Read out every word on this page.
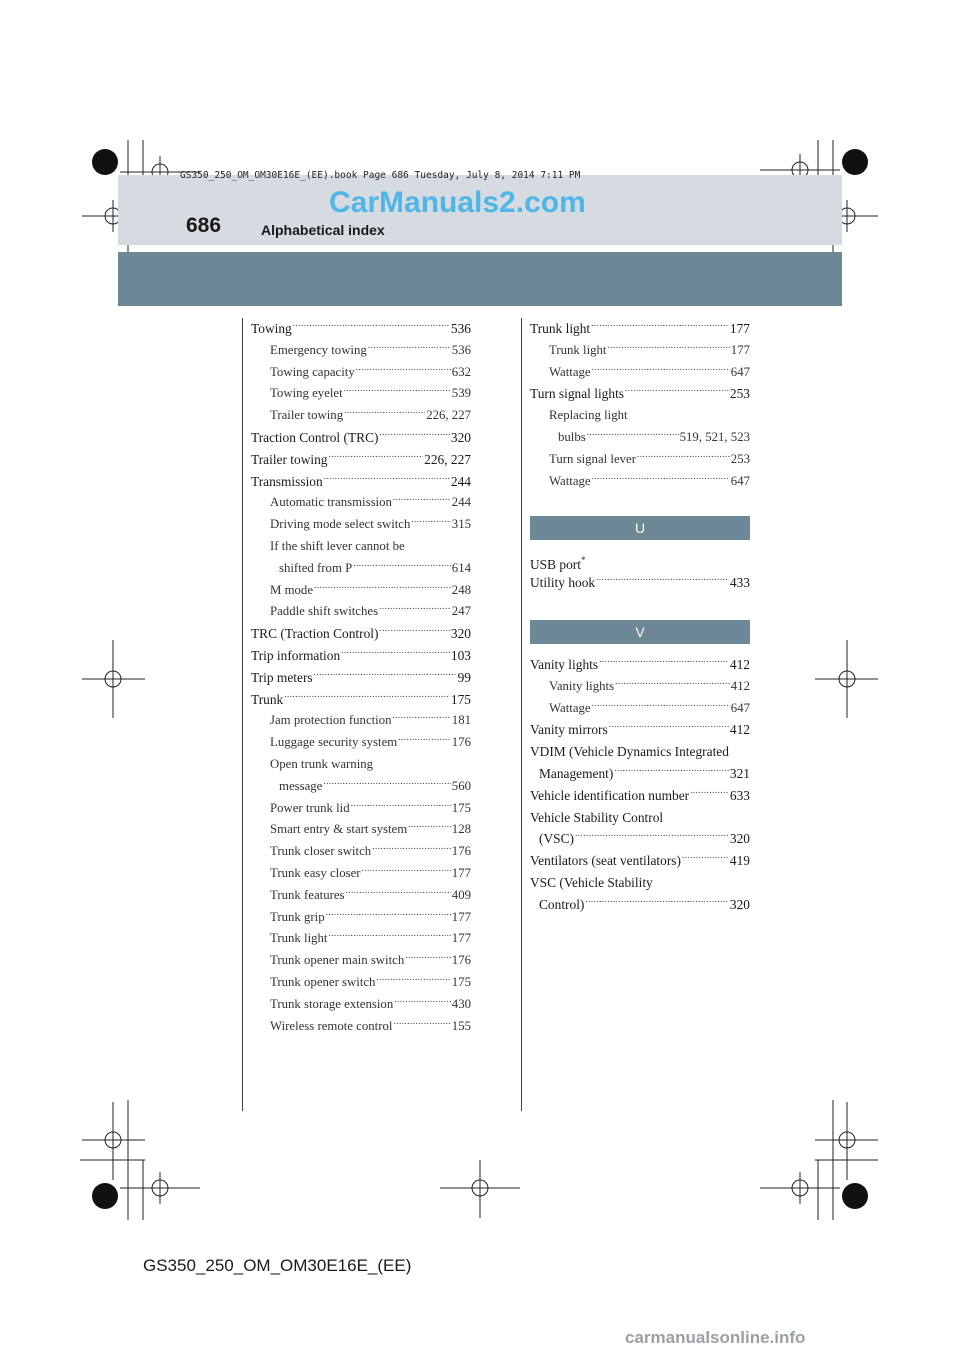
GS350_250_OM_OM30E16E_(EE).book Page 686 Tuesday, July 8, 2014 7:11 PM
CarManuals2.com
686	Alphabetical index
Towing .....	536
Emergency towing .....	536
Towing capacity .....	632
Towing eyelet .....	539
Trailer towing .....	226, 227
Traction Control (TRC) .....	320
Trailer towing .....	226, 227
Transmission .....	244
Automatic transmission .....	244
Driving mode select switch .....	315
If the shift lever cannot be
shifted from P .....	614
M mode .....	248
Paddle shift switches .....	247
TRC (Traction Control) .....	320
Trip information .....	103
Trip meters .....	99
Trunk .....	175
Jam protection function .....	181
Luggage security system .....	176
Open trunk warning
message .....	560
Power trunk lid .....	175
Smart entry & start system .....	128
Trunk closer switch .....	176
Trunk easy closer .....	177
Trunk features .....	409
Trunk grip .....	177
Trunk light .....	177
Trunk opener main switch .....	176
Trunk opener switch .....	175
Trunk storage extension .....	430
Wireless remote control .....	155
Trunk light .....	177
Trunk light .....	177
Wattage .....	647
Turn signal lights .....	253
Replacing light
bulbs .....	519, 521, 523
Turn signal lever .....	253
Wattage .....	647
U
USB port*
Utility hook .....	433
V
Vanity lights .....	412
Vanity lights .....	412
Wattage .....	647
Vanity mirrors .....	412
VDIM (Vehicle Dynamics Integrated
Management) .....	321
Vehicle identification number .....	633
Vehicle Stability Control
(VSC) .....	320
Ventilators (seat ventilators) .....	419
VSC (Vehicle Stability
Control) .....	320
GS350_250_OM_OM30E16E_(EE)
carmanualsonline.info
